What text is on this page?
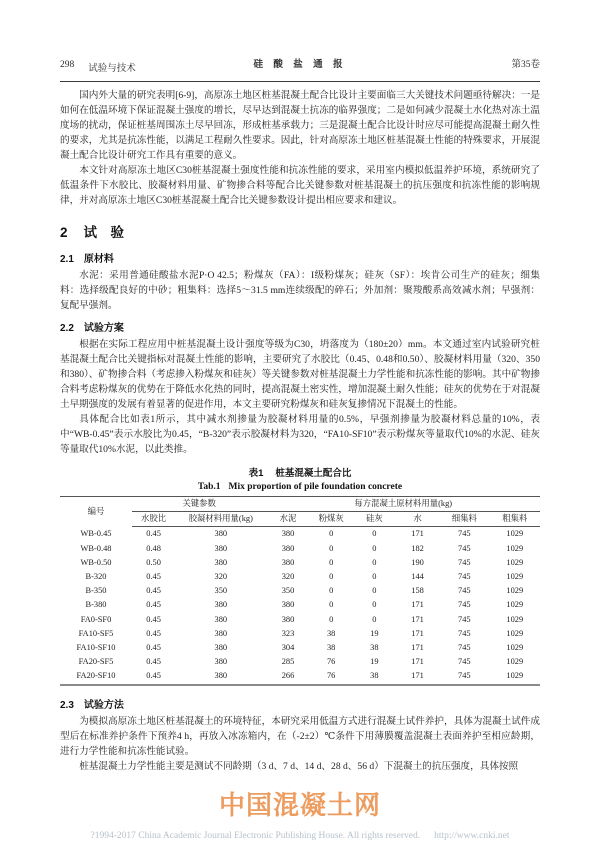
298 试验与技术	硅 酸 盐 通 报	第35卷

国内外大量的研究表明[6-9]，高原冻土地区桩基混凝土配合比设计主要面临三大关键技术问题亟待解决：一是如何在低温环境下保证混凝土强度的增长，尽早达到混凝土抗冻的临界强度；二是如何减少混凝土水化热对冻土温度场的扰动，保证桩基周围冻土尽早回冻，形成桩基承载力；三是混凝土配合比设计时应尽可能提高混凝土耐久性的要求，尤其是抗冻性能，以满足工程耐久性要求。因此，针对高原冻土地区桩基混凝土性能的特殊要求，开展混凝土配合比设计研究工作具有重要的意义。

本文针对高原冻土地区C30桩基混凝土强度性能和抗冻性能的要求，采用室内模拟低温养护环境，系统研究了低温条件下水胶比、胶凝材料用量、矿物掺合料等配合比关键参数对桩基混凝土的抗压强度和抗冻性能的影响规律，并对高原冻土地区C30桩基混凝土配合比关键参数设计提出相应要求和建议。

2 试　验
2.1 原材料

水泥：采用普通硅酸盐水泥P·O 42.5；粉煤灰（FA）：I级粉煤灰；硅灰（SF）：埃肯公司生产的硅灰；细集料：选择级配良好的中砂；粗集料：选择5～31.5 mm连续级配的碎石；外加剂：聚羧酸系高效减水剂；早强剂：复配早强剂。

2.2 试验方案

根据在实际工程应用中桩基混凝土设计强度等级为C30，坍落度为（180±20）mm。本文通过室内试验研究桩基混凝土配合比关键指标对混凝土性能的影响，主要研究了水胶比（0.45、0.48和0.50）、胶凝材料用量（320、350和380）、矿物掺合料（考虑掺入粉煤灰和硅灰）等关键参数对桩基混凝土力学性能和抗冻性能的影响。其中矿物掺合料考虑粉煤灰的优势在于降低水化热的同时，提高混凝土密实性，增加混凝土耐久性能；硅灰的优势在于对混凝土早期强度的发展有着显著的促进作用，本文主要研究粉煤灰和硅灰复掺情况下混凝土的性能。

具体配合比如表1所示，其中减水剂掺量为胶凝材料用量的0.5%，早强剂掺量为胶凝材料总量的10%，表中“WB-0.45”表示水胶比为0.45，“B-320”表示胶凝材料为320，“FA10-SF10”表示粉煤灰等量取代10%的水泥、硅灰等量取代10%水泥，以此类推。

表1 桩基混凝土配合比
Tab.1 Mix proportion of pile foundation concrete
编号	关键参数		每方混凝土原材料用量(kg)					
	水胶比	胶凝材料用量(kg)	水泥	粉煤灰	硅灰	水	细集料	粗集料
WB-0.45	0.45	380	380	0	0	171	745	1029
WB-0.48	0.48	380	380	0	0	182	745	1029
WB-0.50	0.50	380	380	0	0	190	745	1029
B-320	0.45	320	320	0	0	144	745	1029
B-350	0.45	350	350	0	0	158	745	1029
B-380	0.45	380	380	0	0	171	745	1029
FA0-SF0	0.45	380	380	0	0	171	745	1029
FA10-SF5	0.45	380	323	38	19	171	745	1029
FA10-SF10	0.45	380	304	38	38	171	745	1029
FA20-SF5	0.45	380	285	76	19	171	745	1029
FA20-SF10	0.45	380	266	76	38	171	745	1029
2.3 试验方法

为模拟高原冻土地区桩基混凝土的环境特征，本研究采用低温方式进行混凝土试件养护，具体为混凝土试件成型后在标准养护条件下预养4 h，再放入冰冻箱内，在（-2±2）℃条件下用薄膜覆盖混凝土表面养护至相应龄期，进行力学性能和抗冻性能试验。

桩基混凝土力学性能主要是测试不同龄期（3 d、7 d、14 d、28 d、56 d）下混凝土的抗压强度，具体按照

中国混凝土网
?1994-2017 China Academic Journal Electronic Publishing House. All rights reserved. http://www.cnki.net
